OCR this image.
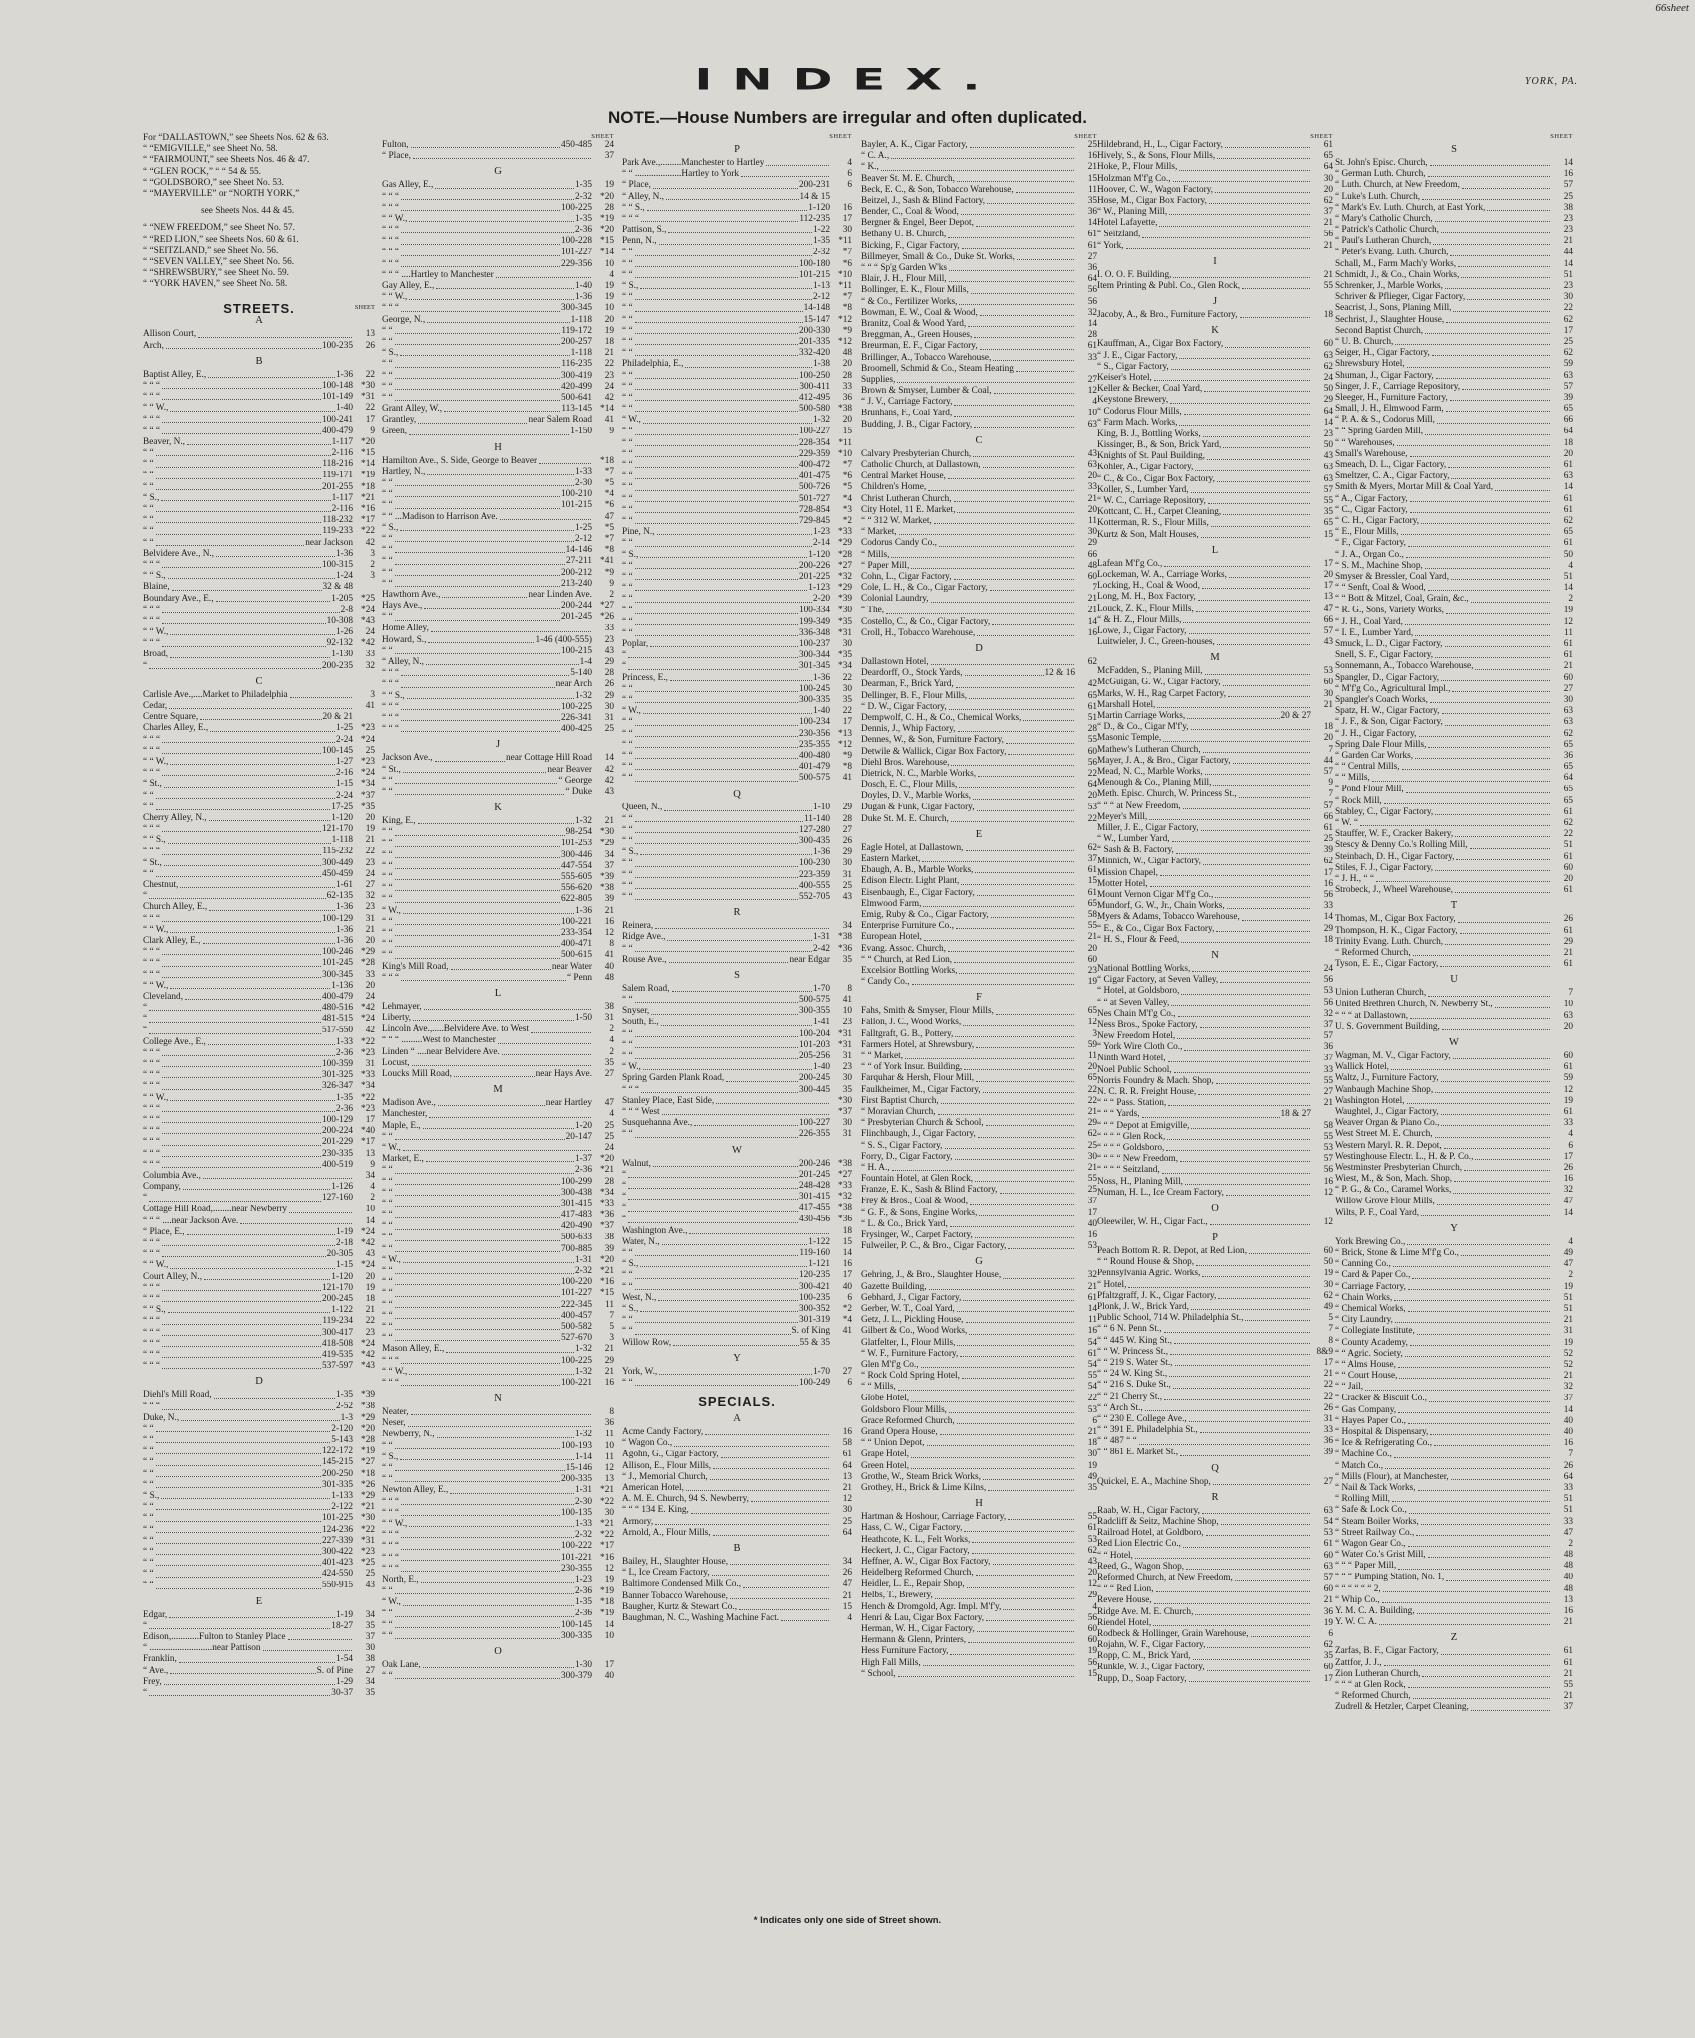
66sheet
YORK, PA.
INDEX.
NOTE.—House Numbers are irregular and often duplicated.
For “DALLASTOWN,” see Sheets Nos. 62 & 63.
“ “EMIGVILLE,” see Sheet No. 58.
“ “FAIRMOUNT,” see Sheets Nos. 46 & 47.
“ “GLEN ROCK,” “ “ 54 & 55.
“ “GOLDSBORO,” see Sheet No. 53.
“ “MAYERVILLE” or “NORTH YORK,”
see Sheets Nos. 44 & 45.
“ “NEW FREEDOM,” see Sheet No. 57.
“ “RED LION,” see Sheets Nos. 60 & 61.
“ “SEITZLAND,” see Sheet No. 56.
“ “SEVEN VALLEY,” see Sheet No. 56.
“ “SHREWSBURY,” see Sheet No. 59.
“ “YORK HAVEN,” see Sheet No. 58.
STREETS.	SHEET
A
Allison Court,	13
Arch,	100-235	26
B
Baptist Alley, E.,	1-36	22
“ “ “	100-148 *30
“ “ “	101-149 *31
“ “ W.,	1-40	22
“ “ “	100-241	17
“ “ “	400-479	9
Beaver, N.,	1-117 *20
“ “	2-116 *15
“ “	118-216 *14
“ “	119-171 *19
“ “	201-255 *18
“ S.,	1-117 *21
“ “	2-116 *16
“ “	118-232 *17
“ “	119-233 *22
“ “	near Jackson	42
Belvidere Ave., N.,	1-36	3
“ “ “	100-315	2
“ “ S.,	1-24	3
Blaine,	32 & 48
Boundary Ave., E.,	1-205 *25
“ “ “	2-8 *24
“ “ “	10-308 *43
“ “ W.,	1-26	24
“ “ “	92-132 *42
Broad,	1-130	33
“	200-235	32
C
Carlisle Ave.,....Market to Philadelphia	3
Cedar,	41
Centre Square,	20 & 21
Charles Alley, E.,	1-25 *23
“ “ “	2-24 *24
“ “ “	100-145	25
“ “ W.,	1-27 *23
“ “ “	2-16 *24
“ St.,	1-15 *34
“ “	2-24 *37
“ “	17-25 *35
Cherry Alley, N.,	1-120	20
“ “ “	121-170	19
“ “ S.,	1-118	21
“ “ “	115-232	22
“ St.,	300-449	23
“ “	450-459	24
Chestnut,	1-61	27
“	62-135	32
Church Alley, E.,	1-36	23
“ “ “	100-129	31
“ “ W.,	1-36	21
Clark Alley, E.,	1-36	20
“ “ “	100-246 *29
“ “ “	101-245 *28
“ “ “	300-345	33
“ “ W.,	1-136	20
Cleveland,	400-479	24
“	480-516 *42
“	481-515 *24
“	517-550	42
College Ave., E.,	1-33 *22
“ “ “	2-36 *23
“ “ “	100-359	31
“ “ “	301-325 *33
“ “ “	326-347 *34
“ “ W.,	1-35 *22
“ “ “	2-36 *23
“ “ “	100-129	17
“ “ “	200-224 *40
“ “ “	201-229 *17
“ “ “	230-335	13
“ “ “	400-519	9
Columbia Ave.,	34
Company,	1-126	4
“	127-160	2
Cottage Hill Road,........near Newberry	10
“ “ “ ....near Jackson Ave.	14
“ Place, E.,	1-19 *24
“ “ “	2-18 *42
“ “ “	20-305	43
“ “ W.,	1-15 *24
Court Alley, N.,	1-120	20
“ “ “	121-170	19
“ “ “	200-245	18
“ “ S.,	1-122	21
“ “ “	119-234	22
“ “ “	300-417	23
“ “ “	418-508 *24
“ “ “	419-535 *42
“ “ “	537-597 *43
D
Diehl's Mill Road,	1-35 *39
“ “ “	2-52 *38
Duke, N.,	1-3 *29
“ “	2-120 *20
“ “	5-143 *28
“ “	122-172 *19
“ “	145-215 *27
“ “	200-250 *18
“ “	301-335 *26
“ S.,	1-133 *29
“ “	2-122 *21
“ “	101-225 *30
“ “	124-236 *22
“ “	227-339 *31
“ “	300-422 *23
“ “	401-423 *25
“ “	424-550	25
“ “	550-915	43
E
Edgar,	1-19	34
“	18-27	35
Edison,............Fulton to Stanley Place	37
“ ...........................near Pattison	30
Franklin,	1-54	38
“ Ave.,	S. of Pine	27
Frey,	1-29	34
“	30-37	35
SHEET
Fulton,	450-485	24
“ Place,	37
G
Gas Alley, E.,	1-35	19
“ “ “	2-32 *20
“ “ “	100-225	28
“ “ W.,	1-35 *19
“ “ “	2-36 *20
“ “ “	100-228 *15
“ “ “	101-227 *14
“ “ “	229-356	10
“ “ “ ....Hartley to Manchester	4
Gay Alley, E.,	1-40	19
“ “ W.,	1-36	19
“ “ “	300-345	10
George, N.,	1-118	20
“ “	119-172	19
“ “	200-257	18
“ S.,	1-118	21
“ “	116-235	22
“ “	300-419	23
“ “	420-499	24
“ “	500-641	42
Grant Alley, W.,	113-145 *14
Grantley,	near Salem Road	41
Green,	1-150	9
H
Hamilton Ave., S. Side, George to Beaver	*18
Hartley, N.,	1-33	*7
“ “	2-30	*5
“ “	100-210	*4
“ “	101-215	*6
“ “ ...Madison to Harrison Ave.	47
“ S.,	1-25	*5
“ “	2-12	*7
“ “	14-146	*8
“ “	27-211 *41
“ “	200-212	*9
“ “	213-240	9
Hawthorn Ave.,	near Linden Ave.	2
Hays Ave.,	200-244 *27
“ “	201-245 *26
Home Alley,	33
Howard, S.,	1-46 (400-555)	23
“ “	100-215	43
“ Alley, N.,	1-4	29
“ “ “	5-140	28
“ “ “	near Arch	26
“ “ S.,	1-32	29
“ “ “	100-225	30
“ “ “	226-341	31
“ “ “	400-425	25
J
Jackson Ave.,	near Cottage Hill Road	14
“ St.,	near Beaver	42
“ “	“ George	42
“ “	“ Duke	43
K
King, E.,	1-32	21
“ “	98-254 *30
“ “	101-253 *29
“ “	300-446	34
“ “	447-554	37
“ “	555-605 *39
“ “	556-620 *38
“ “	622-805	39
“ W.,	1-36	21
“ “	100-221	16
“ “	233-354	12
“ “	400-471	8
“ “	500-615	41
King's Mill Road,	near Water	40
“ “ “	“ Penn	48
L
Lehmayer,	38
Liberty,	1-50	31
Lincoln Ave.,.....Belvidere Ave. to West	2
“ “ “ .........West to Manchester	4
Linden “ ....near Belvidere Ave.	2
Locust,	35
Loucks Mill Road,	near Hays Ave.	27
M
Madison Ave.,	near Hartley	47
Manchester,	4
Maple, E.,	1-20	25
“ “	20-147	25
“ W.,	24
Market, E.,	1-37 *20
“ “	2-36 *21
“ “	100-299	28
“ “	300-438 *34
“ “	301-415 *33
“ “	417-483 *36
“ “	420-490 *37
“ “	500-633	38
“ “	700-885	39
“ W.,	1-31 *20
“ “	2-32 *21
“ “	100-220 *16
“ “	101-227 *15
“ “	222-345	11
“ “	400-457	7
“ “	500-582	5
“ “	527-670	3
Mason Alley, E.,	1-32	21
“ “ “	100-225	29
“ “ W.,	1-32	21
“ “ “	100-221	16
N
Neater,	8
Neser,	36
Newberry, N.,	1-32	11
“ “	100-193	10
“ S.,	1-14	11
“ “	15-146	12
“ “	200-335	13
Newton Alley, E.,	1-31 *21
“ “ “	2-30 *22
“ “ “	100-135	30
“ “ W.,	1-33 *21
“ “ “	2-32 *22
“ “ “	100-222 *17
“ “ “	101-221 *16
“ “ “	230-355	12
North, E.,	1-23	19
“ “	2-36 *19
“ W.,	1-35 *18
“ “	2-36 *19
“ “	100-145	14
“ “	300-335	10
O
Oak Lane,	1-30	17
“ “	300-379	40
SHEET
P
Park Ave.,.........Manchester to Hartley	4
“ “ ....................Hartley to York	6
“ Place,	200-231	6
“ Alley, N.,	14 & 15
“ “ S.,	1-120	16
“ “ “	112-235	17
Pattison, S.,	1-22	30
Penn, N.,	1-35 *11
“ “	2-32	*7
“ “	100-180	*6
“ “	101-215 *10
“ S.,	1-13 *11
“ “	2-12	*7
“ “	14-148	*8
“ “	15-147 *12
“ “	200-330	*9
“ “	201-335 *12
“ “	332-420	48
Philadelphia, E.,	1-38	20
“ “	100-250	28
“ “	300-411	33
“ “	412-495	36
“ “	500-580 *38
“ W.,	1-32	20
“ “	100-227	15
“ “	228-354 *11
“ “	229-359 *10
“ “	400-472	*7
“ “	401-475	*6
“ “	500-726	*5
“ “	501-727	*4
“ “	728-854	*3
“ “	729-845	*2
Pine, N.,	1-23 *33
“ “	2-14 *29
“ S.,	1-120 *28
“ “	200-226 *27
“ “	201-225 *32
“ “	1-123 *29
“ “	2-20 *39
“ “	100-334 *30
“ “	199-349 *35
“ “	336-348 *31
Poplar,	100-237	30
“	300-344 *35
“	301-345 *34
Princess, E.,	1-36	22
“ “	100-245	30
“ “	300-335	35
“ W.,	1-40	22
“ “	100-234	17
“ “	230-356 *13
“ “	235-355 *12
“ “	400-480	*9
“ “	401-479	*8
“ “	500-575	41
Q
Queen, N.,	1-10	29
“ “	11-140	28
“ “	127-280	27
“ “	300-435	26
“ S.,	1-36	29
“ “	100-230	30
“ “	223-359	31
“ “	400-555	25
“ “	552-705	43
R
Reinera,	34
Ridge Ave.,	1-31 *38
“ “	2-42 *36
Rouse Ave.,	near Edgar	35
S
Salem Road,	1-70	8
“ “	500-575	41
Snyser,	300-355	10
South, E.,	1-41	23
“ “	100-204 *31
“ “	101-203 *31
“ “	205-256	31
“ W.,	1-40	23
Spring Garden Plank Road,	200-245	30
“ “ “	300-445	35
Stanley Place, East Side,	*30
“ “ “ West	*37
Susquehanna Ave.,	100-227	30
“ “	226-355	31
W
Walnut,	200-246 *38
“	201-245 *27
“	248-428 *33
“	301-415 *32
“	417-455 *38
“	430-456 *36
Washington Ave.,	18
Water, N.,	1-122	15
“ “	119-160	14
“ S.,	1-121	16
“ “	120-235	17
“ “	300-421	40
West, N.,	100-235	6
“ S.,	300-352	*2
“ “	301-319	*4
“ “	S. of King	41
Willow Row,	55 & 35
Y
York, W.,	1-70	27
“ “	100-249	6
SPECIALS.
A
Acme Candy Factory,	16
“ Wagon Co.,	58
Agohn, G., Cigar Factory,	61
Allison, E., Flour Mills,	64
“ J., Memorial Church,	13
American Hotel,	21
A. M. E. Church, 94 S. Newberry,	12
“ “ “ 134 E. King,	30
Armory,	25
Arnold, A., Flour Mills,	64
B
Bailey, H., Slaughter House,	34
“ L, Ice Cream Factory,	26
Baltimore Condensed Milk Co.,	47
Banner Tobacco Warehouse,	21
Baugher, Kurtz & Stewart Co.,	15
Baughman, N. C., Washing Machine Fact.	4
SHEET
Bayler, A. K., Cigar Factory,	25
“ C. A.,	16
“ K.,	21
Beaver St. M. E. Church,	15
Beck, E. C., & Son, Tobacco Warehouse,	11
Beitzel, J., Sash & Blind Factory,	35
Bender, C., Coal & Wood,	36
Bergner & Engel, Beer Depot,	14
Bethany U. B. Church,	61
Bicking, F., Cigar Factory,	61
Billmeyer, Small & Co., Duke St. Works,	27
“ “ “ Sp'g Garden W'ks	36
Blair, J. H., Flour Mill,	64
Bollinger, E. K., Flour Mills,	56
“ & Co., Fertilizer Works,	56
Bowman, E. W., Coal & Wood,	32
Branitz, Coal & Wood Yard,	14
Breggman, A., Green Houses,	28
Breurman, E. F., Cigar Factory,	61
Brillinger, A., Tobacco Warehouse,	33
Broomell, Schmid & Co., Steam Heating
Supplies,	27
Brown & Smyser, Lumber & Coal,	12
“ J. V., Carriage Factory,	4
Brunhans, F., Coal Yard,	10
Budding, J. B., Cigar Factory,	63
C
Calvary Presbyterian Church,	43
Catholic Church, at Dallastown,	63
Central Market House,	20
Children's Home,	33
Christ Lutheran Church,	21
City Hotel, 11 E. Market,	20
“ “ 312 W. Market,	11
“ Market,	30
Codorus Candy Co.,	29
“ Mills,	66
“ Paper Mill,	48
Cohn, L., Cigar Factory,	60
Cole, L. H., & Co., Cigar Factory,	7
Colonial Laundry,	21
“ The,	21
Costello, C., & Co., Cigar Factory,	14
Croll, H., Tobacco Warehouse,	16
D
Dallastown Hotel,	62
Deardorff, O., Stock Yards,	12 & 16
Dearman, F., Brick Yard,	42
Dellinger, B. F., Flour Mills,	65
“ D. W., Cigar Factory,	61
Dempwolf, C. H., & Co., Chemical Works,	51
Dennis, J., Whip Factory,	28
Dennes, W., & Son, Furniture Factory,	55
Detwile & Wallick, Cigar Box Factory,	60
Diehl Bros. Warehouse,	56
Dietrick, N. C., Marble Works,	22
Dosch, E. C., Flour Mills,	64
Doyles, D. V., Marble Works,	20
Dugan & Funk, Cigar Factory,	53
Duke St. M. E. Church,	22
E
Eagle Hotel, at Dallastown,	62
Eastern Market,	37
Ebaugh, A. B., Marble Works,	61
Edison Electr. Light Plant,	15
Eisenbaugh, E., Cigar Factory,	61
Elmwood Farm,	65
Emig, Ruby & Co., Cigar Factory,	58
Enterprise Furniture Co.,	55
European Hotel,	21
Evang. Assoc. Church,	20
“ “ Church, at Red Lion,	60
Excelsior Bottling Works,	23
“ Candy Co.,	19
F
Fahs, Smith & Smyser, Flour Mills,	65
Fallon, J. C., Wood Works,	12
Falltgraft, G. B., Pottery,	3
Farmers Hotel, at Shrewsbury,	59
“ “ Market,	11
“ “ of York Insur. Building,	20
Farquhar & Hersh, Flour Mill,	65
Faulkheimer, M., Cigar Factory,	22
First Baptist Church,	22
“ Moravian Church,	21
“ Presbyterian Church & School,	29
Flinchbaugh, J., Cigar Factory,	62
“ S. S., Cigar Factory,	25
Forry, D., Cigar Factory,	30
“ H. A.,	21
Fountain Hotel, at Glen Rock,	55
Franze, E. K., Sash & Blind Factory,	25
Frey & Bros., Coal & Wood,	37
“ G. F., & Sons, Engine Works,	17
“ L. & Co., Brick Yard,	40
Frysinger, W., Carpet Factory,	16
Fulweiler, P. C., & Bro., Cigar Factory,	53
G
Gehring, J., & Bro., Slaughter House,	32
Gazette Building,	21
Gebhard, J., Cigar Factory,	61
Gerber, W. T., Coal Yard,	14
Getz, J. L., Pickling House,	11
Gilbert & Co., Wood Works,	16
Glatfelter, I., Flour Mills,	54
“ W. F., Furniture Factory,	61
Glen M'f'g Co.,	54
“ Rock Cold Spring Hotel,	55
“ “ Mills,	54
Globe Hotel,	22
Goldsboro Flour Mills,	53
Grace Reformed Church,	6
Grand Opera House,	21
“ “ Union Depot,	18
Grape Hotel,	30
Green Hotel,	19
Grothe, W., Steam Brick Works,	49
Grothey, H., Brick & Lime Kilns,	35
H
Hartman & Hoshour, Carriage Factory,	55
Hass, C. W., Cigar Factory,	61
Heathcote, K. L., Felt Works,	53
Heckert, J. C., Cigar Factory,	62
Heffner, A. W., Cigar Box Factory,	43
Heidelberg Reformed Church,	20
Heidler, L. E., Repair Shop,	12
Helbs, T., Brewery,	29
Hench & Dromgold, Agr. Impl. M'f'y,	4
Henri & Lau, Cigar Box Factory,	56
Herman, W. H., Cigar Factory,	60
Hermann & Glenn, Printers,	60
Hess Furniture Factory,	19
High Fall Mills,	56
“ School,	15
SHEET
Hildebrand, H., L., Cigar Factory,	61
Hively, S., & Sons, Flour Mills,	65
Hoke, P., Flour Mills,	64
Holzman M'f'g Co.,	30
Hoover, C. W., Wagon Factory,	20
Hose, M., Cigar Box Factory,	62
“ W., Planing Mill,	37
Hotel Lafayette,	21
“ Seitzland,	56
“ York,	21
I
I. O. O. F. Building,	21
Item Printing & Publ. Co., Glen Rock,	55
J
Jacoby, A., & Bro., Furniture Factory,	18
K
Kauffman, A., Cigar Box Factory,	60
“ J. E., Cigar Factory,	63
“ S., Cigar Factory,	62
Keiser's Hotel,	24
Keller & Becker, Coal Yard,	50
Keystone Brewery,	29
“ Codorus Flour Mills,	64
“ Farm Mach. Works,	14
King, B. J., Bottling Works,	23
Kissinger, B., & Son, Brick Yard,	50
Knights of St. Paul Building,	43
Kohler, A., Cigar Factory,	63
“ C., & Co., Cigar Box Factory,	63
Koller, S., Lumber Yard,	57
“ W. C., Carriage Repository,	55
Kottcant, C. H., Carpet Cleaning,	35
Kotterman, R. S., Flour Mills,	65
Kurtz & Son, Malt Houses,	15
L
Lafean M'f'g Co.,	17
Lockeman, W. A., Carriage Works,	20
Locking, H., Coal & Wood,	17
Long, M. H., Box Factory,	13
Louck, Z. K., Flour Mills,	47
“ & H. Z., Flour Mills,	66
Lowe, J., Cigar Factory,	57
Luitwieler, J. C., Green-houses,	43
M
McFadden, S., Planing Mill,	53
McGuigan, G. W., Cigar Factory,	60
Marks, W. H., Rag Carpet Factory,	30
Marshall Hotel,	21
Martin Carriage Works,	20 & 27
“ D., & Co., Cigar M'f'y,	18
Masonic Temple,	20
Mathew's Lutheran Church,	7
Mayer, J. A., & Bro., Cigar Factory,	44
Mead, N. C., Marble Works,	57
Menough & Co., Planing Mill,	9
Meth. Episc. Church, W. Princess St.,	7
“ “ “ at New Freedom,	57
Meyer's Mill,	66
Miller, J. E., Cigar Factory,	61
“ W., Lumber Yard,	25
“ Sash & B. Factory,	39
Minnich, W., Cigar Factory,	62
Mission Chapel,	17
Motter Hotel,	16
Mount Vernon Cigar M'f'g Co.,	56
Mundorf, G. W., Jr., Chain Works,	33
Myers & Adams, Tobacco Warehouse,	14
“ E., & Co., Cigar Box Factory,	29
“ H. S., Flour & Feed,	18
N
National Bottling Works,	24
“ Cigar Factory, at Seven Valley,	56
“ Hotel, at Goldsboro,	53
“ “ at Seven Valley,	56
Nes Chain M'f'g Co.,	32
Ness Bros., Spoke Factory,	37
New Freedom Hotel,	57
“ York Wire Cloth Co.,	36
Ninth Ward Hotel,	37
Noel Public School,	33
Norris Foundry & Mach. Shop,	55
N. C. R. R. Freight House,	27
“ “ “ Pass. Station,	21
“ “ “ Yards,	18 & 27
“ “ “ Depot at Emigville,	58
“ “ “ “ Glen Rock,	55
“ “ “ “ Goldsboro,	53
“ “ “ “ New Freedom,	57
“ “ “ “ Seitzland,	56
Noss, H., Planing Mill,	16
Numan, H. L., Ice Cream Factory,	12
O
Oleewiler, W. H., Cigar Fact.,	12
P
Peach Bottom R. R. Depot, at Red Lion,	60
“ “ Round House & Shop,	50
Pennsylvania Agric. Works,	19
“ Hotel,	30
Pfaltzgraff, J. K., Cigar Factory,	62
Plonk, J. W., Brick Yard,	49
Public School, 714 W. Philadelphia St.,	5
“ “ 6 N. Penn St.,	7
“ “ 445 W. King St.,	8
“ “ W. Princess St.,	8&9
“ “ 219 S. Water St.,	17
“ “ 24 W. King St.,	21
“ “ 216 S. Duke St.,	22
“ “ 21 Cherry St.,	22
“ “ Arch St.,	26
“ “ 230 E. College Ave.,	31
“ “ 391 E. Philadelphia St.,	33
“ “ 487 “ “	36
“ “ 861 E. Market St.,	39
Q
Quickel, E. A., Machine Shop,	27
R
Raab, W. H., Cigar Factory,	63
Radcliff & Seitz, Machine Shop,	54
Railroad Hotel, at Goldboro,	53
Red Lion Electric Co.,	61
“ “ Hotel,	60
Reed, G., Wagon Shop,	63
Reformed Church, at New Freedom,	57
“ “ “ Red Lion,	60
Revere House,	21
Ridge Ave. M. E. Church,	36
Riendel Hotel,	19
Rodbeck & Hollinger, Grain Warehouse,	6
Rojahn, W. F., Cigar Factory,	62
Ropp, C. M., Brick Yard,	35
Runkle, W. J., Cigar Factory,	60
Rupp, D., Soap Factory,	17
SHEET
S
St. John's Episc. Church,	14
“ German Luth. Church,	16
“ Luth. Church, at New Freedom,	57
“ Luke's Luth. Church,	25
“ Mark's Ev. Luth. Church, at East York,	38
“ Mary's Catholic Church,	23
“ Patrick's Catholic Church,	23
“ Paul's Lutheran Church,	21
“ Peter's Evang. Luth. Church,	44
Schall, M., Farm Mach'y Works,	14
Schmidt, J., & Co., Chain Works,	51
Schrenker, J., Marble Works,	23
Schriver & Pflieger, Cigar Factory,	30
Seacrist, J., Sons, Planing Mill,	22
Sechrist, J., Slaughter House,	62
Second Baptist Church,	17
“ U. B. Church,	25
Seiger, H., Cigar Factory,	62
Shrewsbury Hotel,	59
Shuman, J., Cigar Factory,	63
Singer, J. F., Carriage Repository,	57
Sleeger, H., Furniture Factory,	39
Small, J. H., Elmwood Farm,	65
“ P. A. & S., Codorus Mill,	66
“ “ Spring Garden Mill,	64
“ “ Warehouses,	18
Small's Warehouse,	20
Smeach, D. L., Cigar Factory,	61
Smeltzer, C. A., Cigar Factory,	63
Smith & Myers, Mortar Mill & Coal Yard,	14
“ A., Cigar Factory,	61
“ C., Cigar Factory,	61
“ C. H., Cigar Factory,	62
“ E., Flour Mills,	65
“ F., Cigar Factory,	61
“ J. A., Organ Co.,	50
“ S. M., Machine Shop,	4
Smyser & Bressler, Coal Yard,	51
“ “ Senft, Coal & Wood,	14
“ “ Bott & Mitzel, Coal, Grain, &c.,	2
“ R. G., Sons, Variety Works,	19
“ J. H., Coal Yard,	12
“ I. E., Lumber Yard,	11
Smuck, L. D., Cigar Factory,	61
Snell, S. F., Cigar Factory,	61
Sonnemann, A., Tobacco Warehouse,	21
Spangler, D., Cigar Factory,	60
“ M'f'g Co., Agricultural Impl.,	27
Spangler's Coach Works,	30
Spatz, H. W., Cigar Factory,	63
“ J. F., & Son, Cigar Factory,	63
“ J. H., Cigar Factory,	62
Spring Dale Flour Mills,	65
“ Garden Car Works,	36
“ “ Central Mills,	65
“ “ Mills,	64
“ Pond Flour Mill,	65
“ Rock Mill,	65
Stabley, C., Cigar Factory,	61
“ W. “	62
Stauffer, W. F., Cracker Bakery,	22
Stescy & Denny Co.'s Rolling Mill,	51
Steinbach, D. H., Cigar Factory,	61
Stiles, F. J., Cigar Factory,	60
“ J. H., “ “	20
Strobeck, J., Wheel Warehouse,	61
T
Thomas, M., Cigar Box Factory,	26
Thompson, H. K., Cigar Factory,	61
Trinity Evang. Luth. Church,	29
“ Reformed Church,	21
Tyson, E. E., Cigar Factory,	61
U
Union Lutheran Church,	7
United Brethren Church, N. Newberry St.,	10
“ “ “ at Dallastown,	63
U. S. Government Building,	20
W
Wagman, M. V., Cigar Factory,	60
Wallick Hotel,	61
Waltz, J., Furniture Factory,	59
Wanbaugh Machine Shop,	12
Washington Hotel,	19
Waughtel, J., Cigar Factory,	61
Weaver Organ & Piano Co.,	33
West Street M. E. Church,	4
Western Maryl. R. R. Depot,	6
Westinghouse Electr. L., H. & P. Co.,	17
Westminster Presbyterian Church,	26
Wiest, M., & Son, Mach. Shop,	16
“ P. G., & Co., Caramel Works,	32
Willow Grove Flour Mills,	47
Wilts, P. F., Coal Yard,	14
Y
York Brewing Co.,	4
“ Brick, Stone & Lime M'f'g Co.,	49
“ Canning Co.,	47
“ Card & Paper Co.,	2
“ Carriage Factory,	19
“ Chain Works,	51
“ Chemical Works,	51
“ City Laundry,	21
“ Collegiate Institute,	31
“ County Academy,	19
“ “ Agric. Society,	52
“ “ Alms House,	52
“ “ Court House,	21
“ “ Jail,	32
“ Cracker & Biscuit Co.,	37
“ Gas Company,	14
“ Hayes Paper Co.,	40
“ Hospital & Dispensary,	40
“ Ice & Refrigerating Co.,	16
“ Machine Co.,	7
“ Match Co.,	26
“ Mills (Flour), at Manchester,	64
“ Nail & Tack Works,	33
“ Rolling Mill,	51
“ Safe & Lock Co.,	51
“ Steam Boiler Works,	33
“ Street Railway Co.,	47
“ Wagon Gear Co.,	2
“ Water Co.'s Grist Mill,	48
“ “ “ Paper Mill,	48
“ “ “ Pumping Station, No. 1,	40
“ “ “ “ “ “ 2,	48
“ Whip Co.,	13
Y. M. C. A. Building,	16
Y. W. C. A.	21
Z
Zarfas, B. F., Cigar Factory,	61
Zattfor, J. J.,	61
Zion Lutheran Church,	21
“ “ “ at Glen Rock,	55
“ Reformed Church,	21
Zudrell & Hetzler, Carpet Cleaning,	37
* Indicates only one side of Street shown.
